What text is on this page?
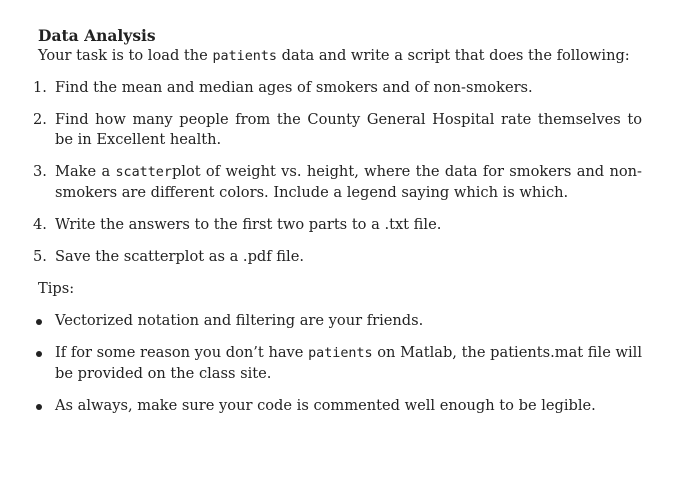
Data Analysis

Your task is to load the patients data and write a script that does the following:

1. Find the mean and median ages of smokers and of non-smokers.
2. Find how many people from the County General Hospital rate themselves to be in Excellent health.
3. Make a scatterplot of weight vs. height, where the data for smokers and non-smokers are different colors. Include a legend saying which is which.
4. Write the answers to the first two parts to a .txt file.
5. Save the scatterplot as a .pdf file.

Tips:

Vectorized notation and filtering are your friends.
If for some reason you don’t have patients on Matlab, the patients.mat file will be provided on the class site.
As always, make sure your code is commented well enough to be legible.
